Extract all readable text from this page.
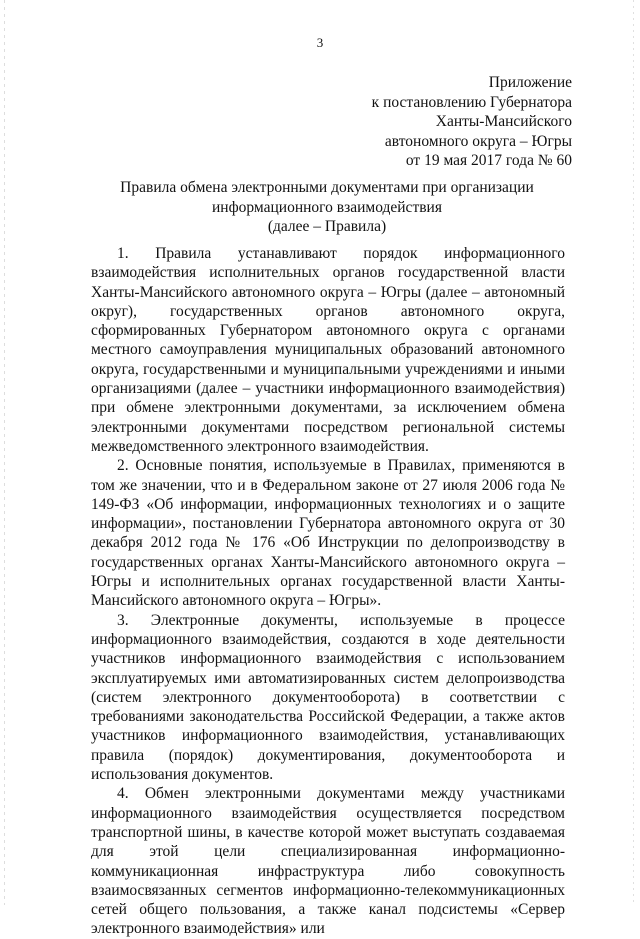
3
Приложение
к постановлению Губернатора
Ханты-Мансийского
автономного округа – Югры
от 19 мая 2017 года № 60
Правила обмена электронными документами при организации
информационного взаимодействия
(далее – Правила)

1. Правила устанавливают порядок информационного взаимодействия исполнительных органов государственной власти Ханты-Мансийского автономного округа – Югры (далее – автономный округ), государственных органов автономного округа, сформированных Губернатором автономного округа с органами местного самоуправления муниципальных образований автономного округа, государственными и муниципальными учреждениями и иными организациями (далее – участники информационного взаимодействия) при обмене электронными документами, за исключением обмена электронными документами посредством региональной системы межведомственного электронного взаимодействия.

2. Основные понятия, используемые в Правилах, применяются в том же значении, что и в Федеральном законе от 27 июля 2006 года № 149-ФЗ «Об информации, информационных технологиях и о защите информации», постановлении Губернатора автономного округа от 30 декабря 2012 года № 176 «Об Инструкции по делопроизводству в государственных органах Ханты-Мансийского автономного округа – Югры и исполнительных органах государственной власти Ханты-Мансийского автономного округа – Югры».

3. Электронные документы, используемые в процессе информационного взаимодействия, создаются в ходе деятельности участников информационного взаимодействия с использованием эксплуатируемых ими автоматизированных систем делопроизводства (систем электронного документооборота) в соответствии с требованиями законодательства Российской Федерации, а также актов участников информационного взаимодействия, устанавливающих правила (порядок) документирования, документооборота и использования документов.

4. Обмен электронными документами между участниками информационного взаимодействия осуществляется посредством транспортной шины, в качестве которой может выступать создаваемая для этой цели специализированная информационно-коммуникационная инфраструктура либо совокупность взаимосвязанных сегментов информационно-телекоммуникационных сетей общего пользования, а также канал подсистемы «Сервер электронного взаимодействия» или
